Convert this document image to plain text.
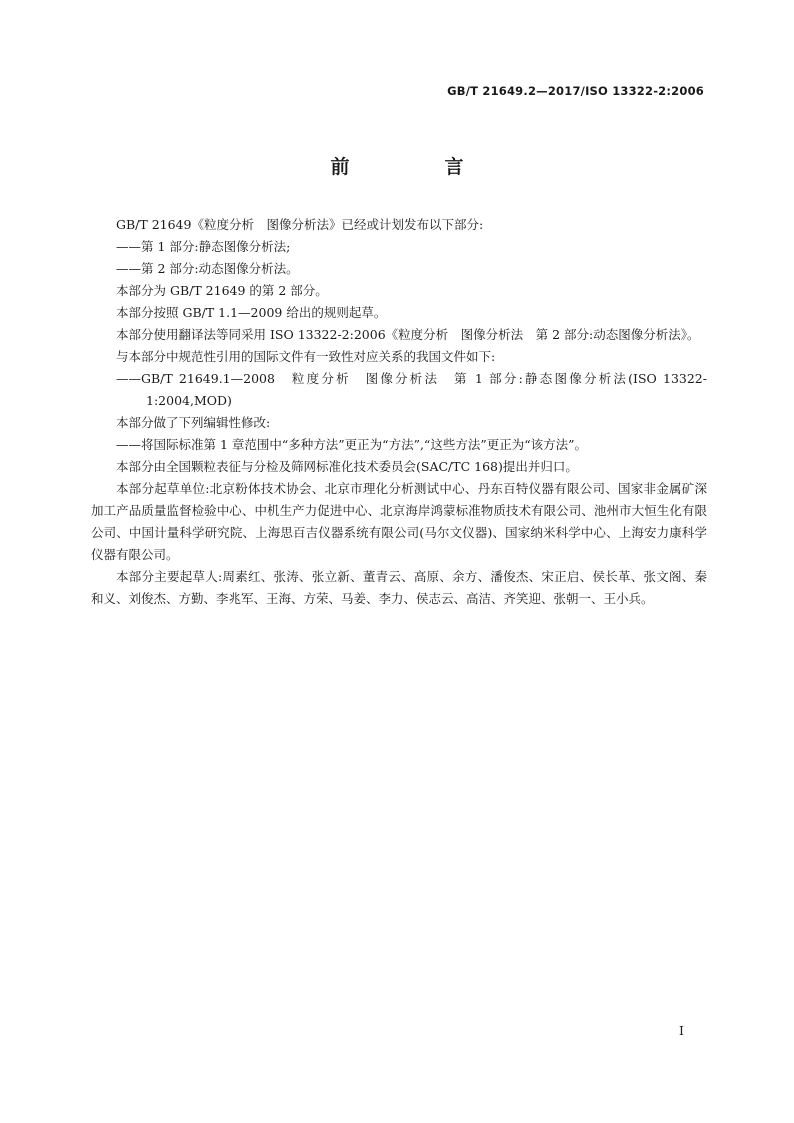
GB/T 21649.2—2017/ISO 13322-2:2006
前　言

GB/T 21649《粒度分析　图像分析法》已经或计划发布以下部分:

——第 1 部分:静态图像分析法;

——第 2 部分:动态图像分析法。

本部分为 GB/T 21649 的第 2 部分。

本部分按照 GB/T 1.1—2009 给出的规则起草。

本部分使用翻译法等同采用 ISO 13322-2:2006《粒度分析　图像分析法　第 2 部分:动态图像分析法》。

与本部分中规范性引用的国际文件有一致性对应关系的我国文件如下:

——GB/T 21649.1—2008　粒度分析　图像分析法　第 1 部分:静态图像分析法(ISO 13322-1:2004,MOD)

本部分做了下列编辑性修改:

——将国际标准第 1 章范围中“多种方法”更正为“方法”,“这些方法”更正为“该方法”。

本部分由全国颗粒表征与分检及筛网标准化技术委员会(SAC/TC 168)提出并归口。

本部分起草单位:北京粉体技术协会、北京市理化分析测试中心、丹东百特仪器有限公司、国家非金属矿深加工产品质量监督检验中心、中机生产力促进中心、北京海岸鸿蒙标准物质技术有限公司、池州市大恒生化有限公司、中国计量科学研究院、上海思百吉仪器系统有限公司(马尔文仪器)、国家纳米科学中心、上海安力康科学仪器有限公司。

本部分主要起草人:周素红、张涛、张立新、董青云、高原、余方、潘俊杰、宋正启、侯长革、张文阁、秦和义、刘俊杰、方勤、李兆军、王海、方荣、马姜、李力、侯志云、高洁、齐笑迎、张朝一、王小兵。

I
